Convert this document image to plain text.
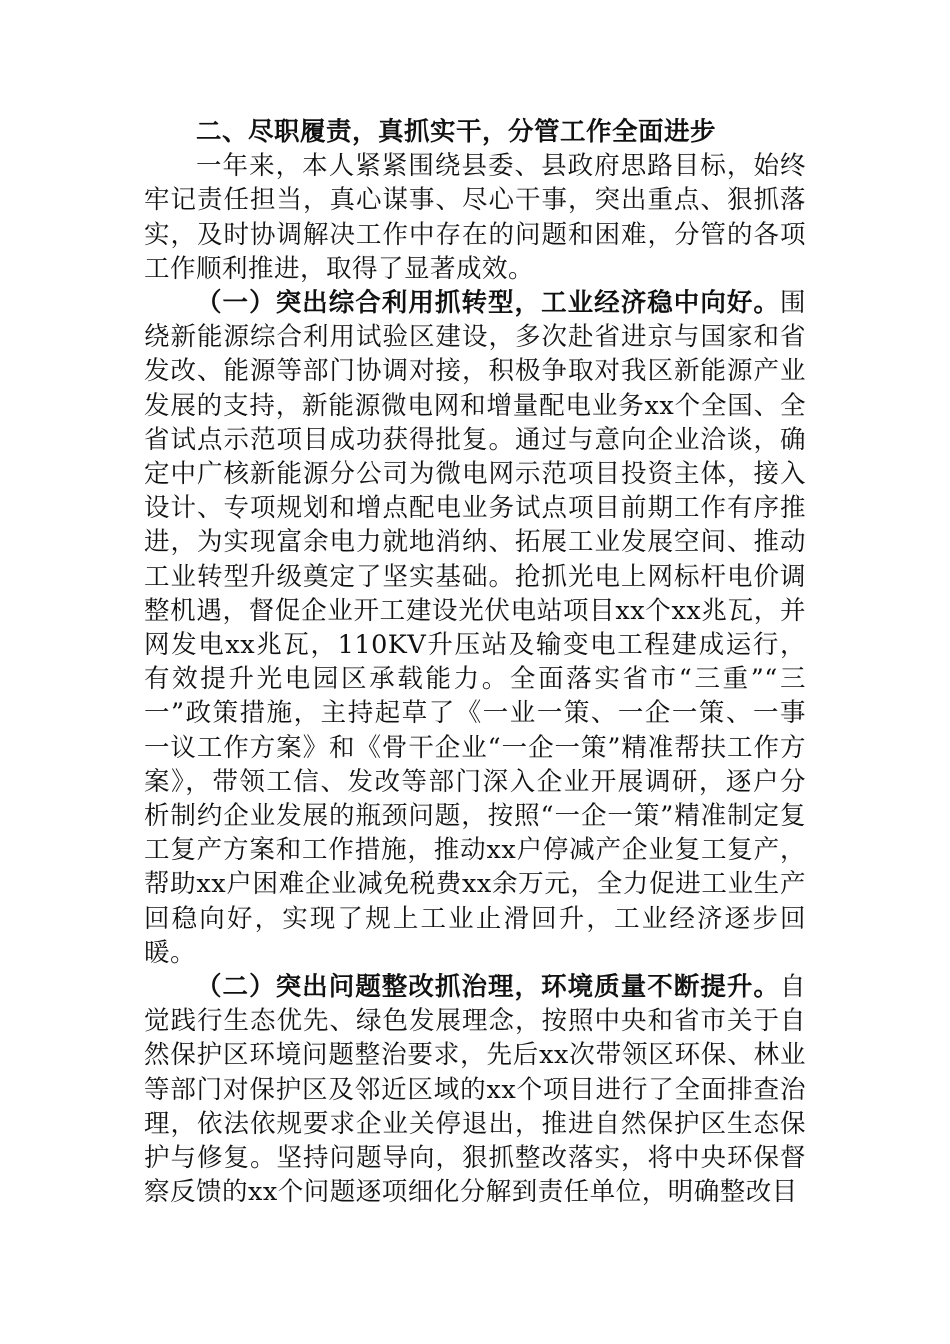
二、尽职履责，真抓实干，分管工作全面进步

一年来，本人紧紧围绕县委、县政府思路目标，始终牢记责任担当，真心谋事、尽心干事，突出重点、狠抓落实，及时协调解决工作中存在的问题和困难，分管的各项工作顺利推进，取得了显著成效。

（一）突出综合利用抓转型，工业经济稳中向好。围绕新能源综合利用试验区建设，多次赴省进京与国家和省发改、能源等部门协调对接，积极争取对我区新能源产业发展的支持，新能源微电网和增量配电业务xx个全国、全省试点示范项目成功获得批复。通过与意向企业洽谈，确定中广核新能源分公司为微电网示范项目投资主体，接入设计、专项规划和增点配电业务试点项目前期工作有序推进，为实现富余电力就地消纳、拓展工业发展空间、推动工业转型升级奠定了坚实基础。抢抓光电上网标杆电价调整机遇，督促企业开工建设光伏电站项目xx个xx兆瓦，并网发电xx兆瓦，110KV升压站及输变电工程建成运行，有效提升光电园区承载能力。全面落实省市“三重”“三一”政策措施，主持起草了《一业一策、一企一策、一事一议工作方案》和《骨干企业“一企一策”精准帮扶工作方案》，带领工信、发改等部门深入企业开展调研，逐户分析制约企业发展的瓶颈问题，按照“一企一策”精准制定复工复产方案和工作措施，推动xx户停减产企业复工复产，帮助xx户困难企业减免税费xx余万元，全力促进工业生产回稳向好，实现了规上工业止滑回升，工业经济逐步回暖。

（二）突出问题整改抓治理，环境质量不断提升。自觉践行生态优先、绿色发展理念，按照中央和省市关于自然保护区环境问题整治要求，先后xx次带领区环保、林业等部门对保护区及邻近区域的xx个项目进行了全面排查治理，依法依规要求企业关停退出，推进自然保护区生态保护与修复。坚持问题导向，狠抓整改落实，将中央环保督察反馈的xx个问题逐项细化分解到责任单位，明确整改目
